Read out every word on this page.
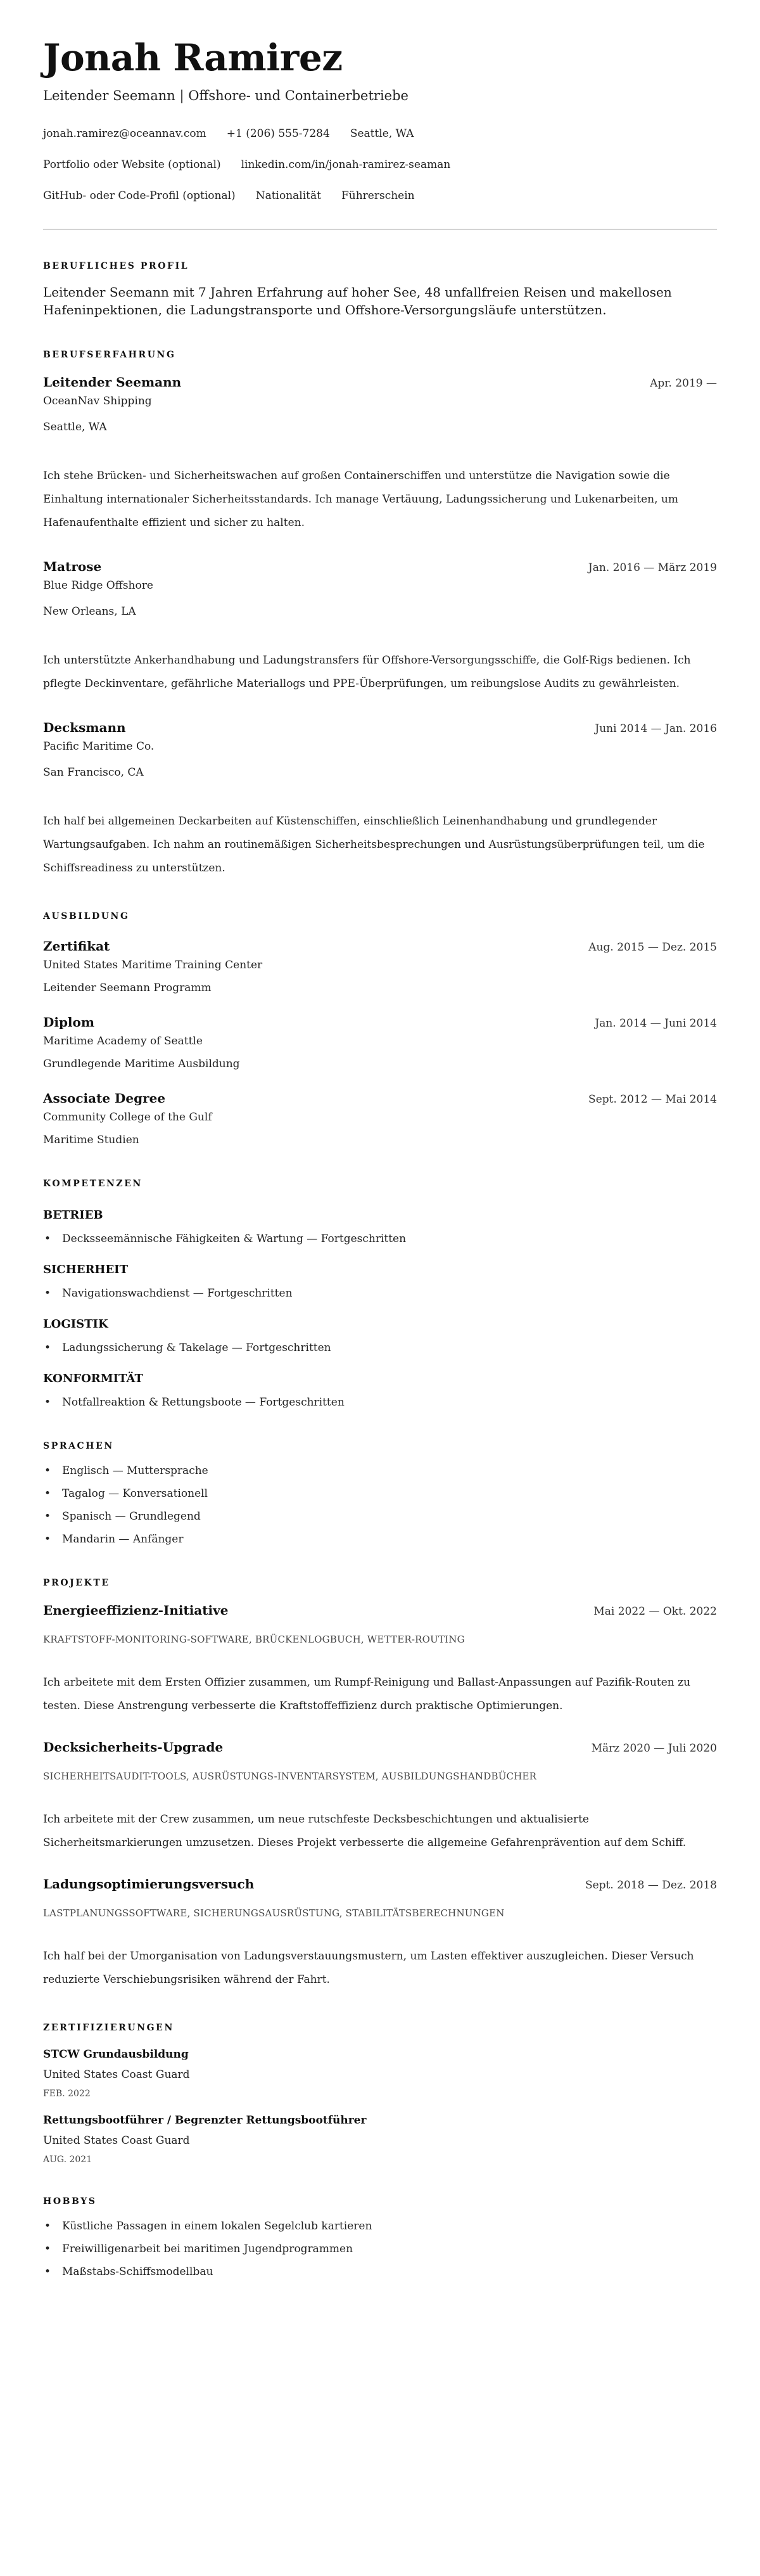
Jonah Ramirez
Leitender Seemann | Offshore- und Containerbetriebe
jonah.ramirez@oceannav.com +1 (206) 555-7284 Seattle, WA
Portfolio oder Website (optional) linkedin.com/in/jonah-ramirez-seaman
GitHub- oder Code-Profil (optional) Nationalität Führerschein
BERUFLICHES PROFIL

Leitender Seemann mit 7 Jahren Erfahrung auf hoher See, 48 unfallfreien Reisen und makellosen Hafeninpektionen, die Ladungstransporte und Offshore-Versorgungsläufe unterstützen.

BERUFSERFAHRUNG
Leitender Seemann	Apr. 2019 —
OceanNav Shipping
Seattle, WA

Ich stehe Brücken- und Sicherheitswachen auf großen Containerschiffen und unterstütze die Navigation sowie die Einhaltung internationaler Sicherheitsstandards. Ich manage Vertäuung, Ladungssicherung und Lukenarbeiten, um Hafenaufenthalte effizient und sicher zu halten.

Matrose	Jan. 2016 — März 2019
Blue Ridge Offshore
New Orleans, LA

Ich unterstützte Ankerhandhabung und Ladungstransfers für Offshore-Versorgungsschiffe, die Golf-Rigs bedienen. Ich pflegte Deckinventare, gefährliche Materiallogs und PPE-Überprüfungen, um reibungslose Audits zu gewährleisten.

Decksmann	Juni 2014 — Jan. 2016
Pacific Maritime Co.
San Francisco, CA

Ich half bei allgemeinen Deckarbeiten auf Küstenschiffen, einschließlich Leinenhandhabung und grundlegender Wartungsaufgaben. Ich nahm an routinemäßigen Sicherheitsbesprechungen und Ausrüstungsüberprüfungen teil, um die Schiffsreadiness zu unterstützen.

AUSBILDUNG
Zertifikat	Aug. 2015 — Dez. 2015
United States Maritime Training Center
Leitender Seemann Programm
Diplom	Jan. 2014 — Juni 2014
Maritime Academy of Seattle
Grundlegende Maritime Ausbildung
Associate Degree	Sept. 2012 — Mai 2014
Community College of the Gulf
Maritime Studien
KOMPETENZEN
BETRIEB
•	Decksseemännische Fähigkeiten & Wartung — Fortgeschritten
SICHERHEIT
•	Navigationswachdienst — Fortgeschritten
LOGISTIK
•	Ladungssicherung & Takelage — Fortgeschritten
KONFORMITÄT
•	Notfallreaktion & Rettungsboote — Fortgeschritten
SPRACHEN
•	Englisch — Muttersprache
•	Tagalog — Konversationell
•	Spanisch — Grundlegend
•	Mandarin — Anfänger
PROJEKTE
Energieeffizienz-Initiative	Mai 2022 — Okt. 2022
KRAFTSTOFF-MONITORING-SOFTWARE, BRÜCKENLOGBUCH, WETTER-ROUTING

Ich arbeitete mit dem Ersten Offizier zusammen, um Rumpf-Reinigung und Ballast-Anpassungen auf Pazifik-Routen zu testen. Diese Anstrengung verbesserte die Kraftstoffeffizienz durch praktische Optimierungen.

Decksicherheits-Upgrade	März 2020 — Juli 2020
SICHERHEITSAUDIT-TOOLS, AUSRÜSTUNGS-INVENTARSYSTEM, AUSBILDUNGSHANDBÜCHER

Ich arbeitete mit der Crew zusammen, um neue rutschfeste Decksbeschichtungen und aktualisierte Sicherheitsmarkierungen umzusetzen. Dieses Projekt verbesserte die allgemeine Gefahrenprävention auf dem Schiff.

Ladungsoptimierungsversuch	Sept. 2018 — Dez. 2018
LASTPLANUNGSSOFTWARE, SICHERUNGSAUSRÜSTUNG, STABILITÄTSBERECHNUNGEN

Ich half bei der Umorganisation von Ladungsverstauungsmustern, um Lasten effektiver auszugleichen. Dieser Versuch reduzierte Verschiebungsrisiken während der Fahrt.

ZERTIFIZIERUNGEN
STCW Grundausbildung
United States Coast Guard
FEB. 2022
Rettungsbootführer / Begrenzter Rettungsbootführer
United States Coast Guard
AUG. 2021
HOBBYS
•	Küstliche Passagen in einem lokalen Segelclub kartieren
•	Freiwilligenarbeit bei maritimen Jugendprogrammen
•	Maßstabs-Schiffsmodellbau
